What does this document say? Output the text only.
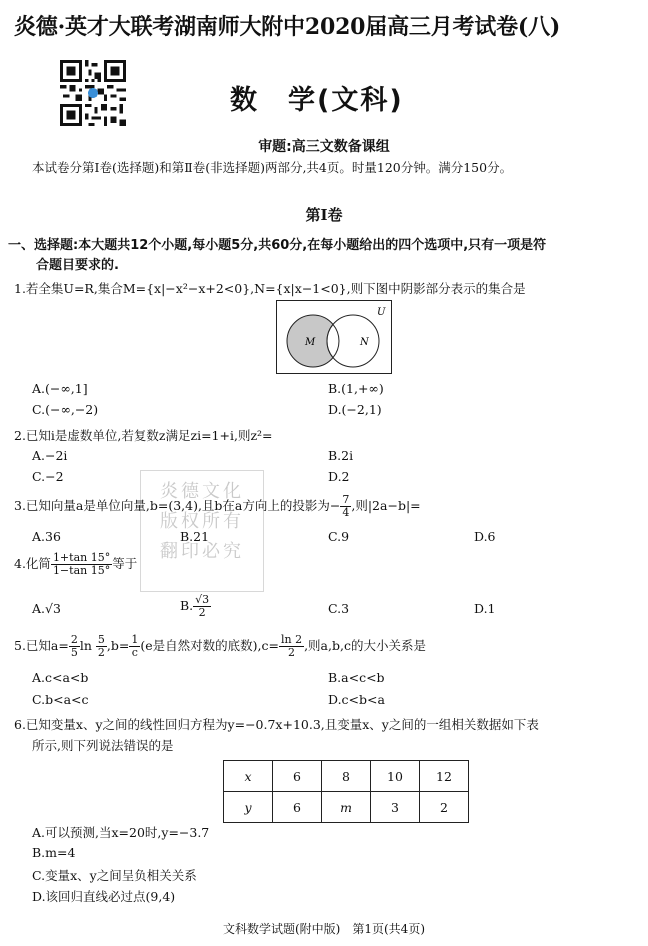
炎德·英才大联考湖南师大附中2020届高三月考试卷(八)
数　学(文科)
审题:高三文数备课组
本试卷分第Ⅰ卷(选择题)和第Ⅱ卷(非选择题)两部分,共4页。时量120分钟。满分150分。
第Ⅰ卷
一、选择题:本大题共12个小题,每小题5分,共60分,在每小题给出的四个选项中,只有一项是符
合题目要求的.
1.若全集U=R,集合M={x|−x²−x+2<0},N={x|x−1<0},则下图中阴影部分表示的集合是
U
M	N
A.(−∞,1]	B.(1,+∞)
C.(−∞,−2)	D.(−2,1)
2.已知i是虚数单位,若复数z满足zi=1+i,则z²=
A.−2i	B.2i
C.−2	D.2
炎德文化
版权所有
翻印必究
3.已知向量a是单位向量,b=(3,4),且b在a方向上的投影为− $\frac{7}{4}$ ,则|2a−b|=
A.36	B.21	C.9	D.6
4.化简 $\frac{1+\tan 15^\circ}{1-\tan 15^\circ}$ 等于
A.√3	B. $\frac{√3}{2}$	C.3	D.1
5.已知$a= \frac{2}{5}$ $\ln \frac{5}{2} ,b= \frac{1}{c} (e$是自然对数的底数)$,c= \frac{\ln 2}{2}$ ,则a,b,c的大小关系是
A.c<a<b	B.a<c<b
C.b<a<c	D.c<b<a
6.已知变量x、y之间的线性回归方程为y=−0.7x+10.3,且变量x、y之间的一组相关数据如下表
所示,则下列说法错误的是
x	6	8	10	12
y	6	m	3	2
A.可以预测,当x=20时,y=−3.7
B.m=4
C.变量x、y之间呈负相关关系
D.该回归直线必过点(9,4)
文科数学试题(附中版)　第1页(共4页)
